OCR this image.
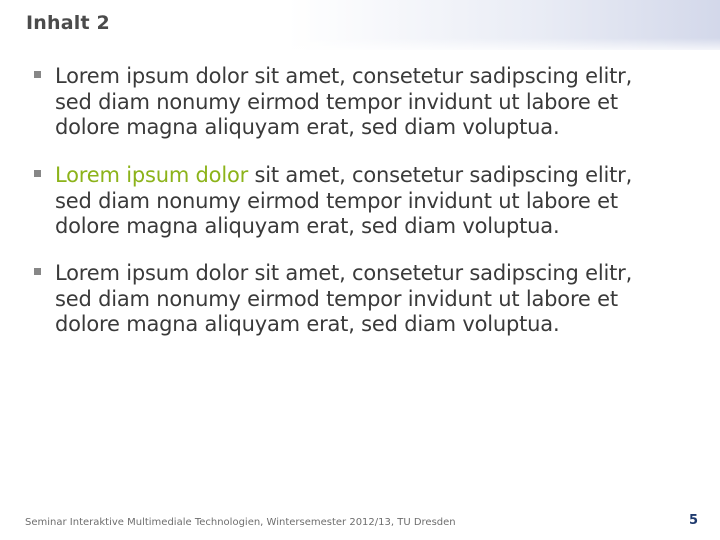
Inhalt 2
Lorem ipsum dolor sit amet, consetetur sadipscing elitr,
sed diam nonumy eirmod tempor invidunt ut labore et
dolore magna aliquyam erat, sed diam voluptua.
Lorem ipsum dolor sit amet, consetetur sadipscing elitr,
sed diam nonumy eirmod tempor invidunt ut labore et
dolore magna aliquyam erat, sed diam voluptua.
Lorem ipsum dolor sit amet, consetetur sadipscing elitr,
sed diam nonumy eirmod tempor invidunt ut labore et
dolore magna aliquyam erat, sed diam voluptua.
Seminar Interaktive Multimediale Technologien, Wintersemester 2012/13, TU Dresden	5
